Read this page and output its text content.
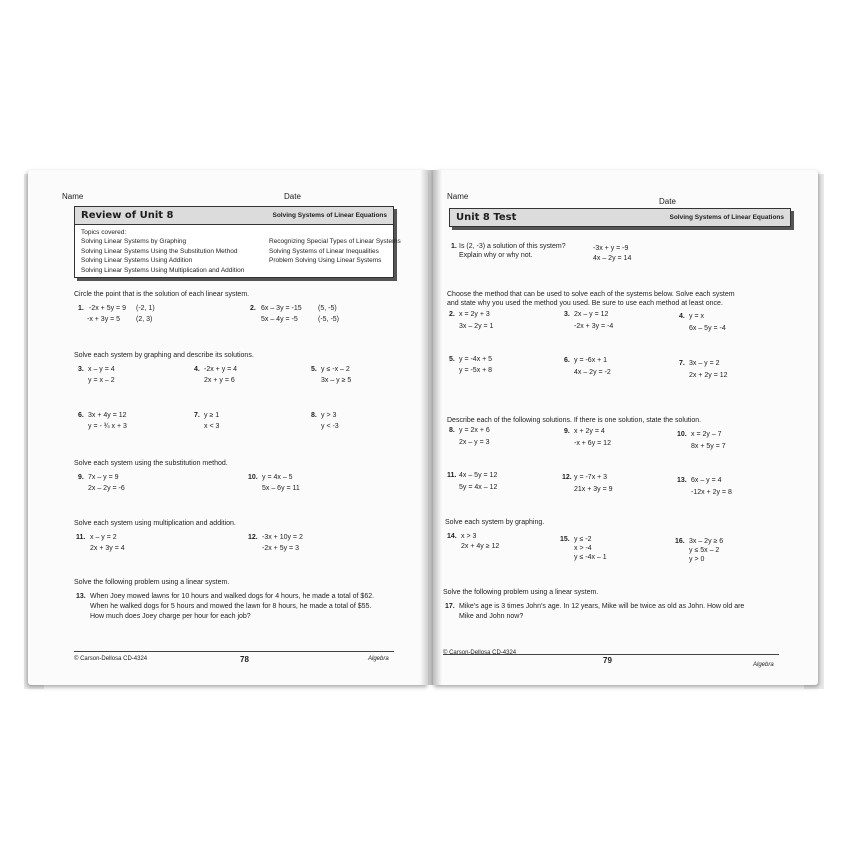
Name	Date
Review of Unit 8	Solving Systems of Linear Equations
Topics covered:
Solving Linear Systems by Graphing
Solving Linear Systems Using the Substitution Method
Solving Linear Systems Using Addition
Solving Linear Systems Using Multiplication and Addition
Recognizing Special Types of Linear Systems
Solving Systems of Linear Inequalities
Problem Solving Using Linear Systems
Circle the point that is the solution of each linear system.
1. -2x + 5y = 9 (-2, 1)
-x + 3y = 5 (2, 3)
2. 6x – 3y = -15 (5, -5)
5x – 4y = -5	(-5, -5)
Solve each system by graphing and describe its solutions.
3. x – y = 4
y = x – 2
4. -2x + y = 4
2x + y = 6
5. y ≤ -x – 2
3x – y ≥ 5
6. 3x + 4y = 12
y = - ¾ x + 3
7. y ≥ 1
x < 3
8. y > 3
y < -3
Solve each system using the substitution method.
9. 7x – y = 9
2x – 2y = -6
10. y = 4x – 5
5x – 6y = 11
Solve each system using multiplication and addition.
11. x – y = 2
2x + 3y = 4
12. -3x + 10y = 2
-2x + 5y = 3
Solve the following problem using a linear system.
13. When Joey mowed lawns for 10 hours and walked dogs for 4 hours, he made a total of $62.
When he walked dogs for 5 hours and mowed the lawn for 8 hours, he made a total of $55.
How much does Joey charge per hour for each job?
© Carson-Dellosa CD-4324	78	Algebra
Name
Date
Unit 8 Test	Solving Systems of Linear Equations
1. Is (2, -3) a solution of this system?
Explain why or why not.
-3x + y = -9
4x – 2y = 14
Choose the method that can be used to solve each of the systems below. Solve each system
and state why you used the method you used. Be sure to use each method at least once.
2. x = 2y + 3
3x – 2y = 1
3. 2x – y = 12
-2x + 3y = -4
4. y = x
6x – 5y = -4
5. y = -4x + 5
y = -5x + 8
6. y = -6x + 1
4x – 2y = -2
7. 3x – y = 2
2x + 2y = 12
Describe each of the following solutions. If there is one solution, state the solution.
8. y = 2x + 6
2x – y = 3
9. x + 2y = 4
-x + 6y = 12
10. x = 2y – 7
8x + 5y = 7
11. 4x – 5y = 12
5y = 4x – 12
12. y = -7x + 3
21x + 3y = 9
13. 6x – y = 4
-12x + 2y = 8
Solve each system by graphing.
14. x > 3
2x + 4y ≥ 12
15. y ≤ -2
x > -4
y ≤ -4x – 1
16. 3x – 2y ≥ 6
y ≤ 5x – 2
y > 0
Solve the following problem using a linear system.
17. Mike’s age is 3 times John’s age. In 12 years, Mike will be twice as old as John. How old are
Mike and John now?
© Carson-Dellosa CD-4324
79	Algebra
